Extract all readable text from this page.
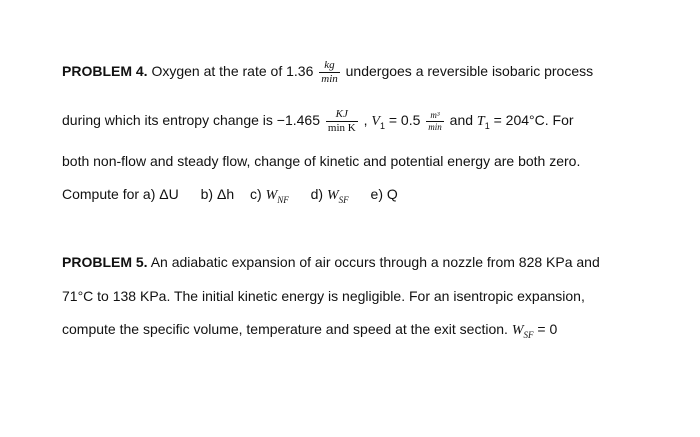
PROBLEM 4. Oxygen at the rate of $1.36 \frac{kg}{\min}$ undergoes a reversible isobaric process
during which its entropy change is $-1.465 \frac{KJ}{\text{min K}}$ , $V_1 = 0.5 \frac{\text{m³}}{\min}$ and $T_1 = 204^\circ C$. For
both non-flow and steady flow, change of kinetic and potential energy are both zero.
Compute for a) ΔU b) Δh c) $W_{NF}$ d) $W_{SF}$ e) Q
PROBLEM 5. An adiabatic expansion of air occurs through a nozzle from 828 KPa and
71°C to 138 KPa. The initial kinetic energy is negligible. For an isentropic expansion,
compute the specific volume, temperature and speed at the exit section. $W_{SF} = 0$
